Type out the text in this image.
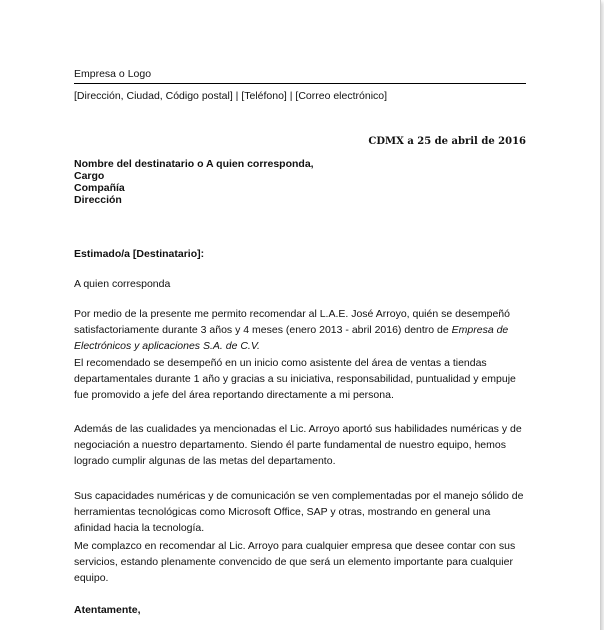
Empresa o Logo

[Dirección, Ciudad, Código postal] | [Teléfono] | [Correo electrónico]

CDMX a 25 de abril de 2016

Nombre del destinatario o A quien corresponda,
Cargo
Compañía
Dirección

Estimado/a [Destinatario]:

A quien corresponda

Por medio de la presente me permito recomendar al L.A.E. José Arroyo, quién se desempeñó satisfactoriamente durante 3 años y 4 meses (enero 2013 - abril 2016) dentro de Empresa de Electrónicos y aplicaciones S.A. de C.V.

El recomendado se desempeñó en un inicio como asistente del área de ventas a tiendas departamentales durante 1 año y gracias a su iniciativa, responsabilidad, puntualidad y empuje fue promovido a jefe del área reportando directamente a mi persona.

Además de las cualidades ya mencionadas el Lic. Arroyo aportó sus habilidades numéricas y de negociación a nuestro departamento. Siendo él parte fundamental de nuestro equipo, hemos logrado cumplir algunas de las metas del departamento.

Sus capacidades numéricas y de comunicación se ven complementadas por el manejo sólido de herramientas tecnológicas como Microsoft Office, SAP y otras, mostrando en general una afinidad hacia la tecnología.

Me complazco en recomendar al Lic. Arroyo para cualquier empresa que desee contar con sus servicios, estando plenamente convencido de que será un elemento importante para cualquier equipo.

Atentamente,
